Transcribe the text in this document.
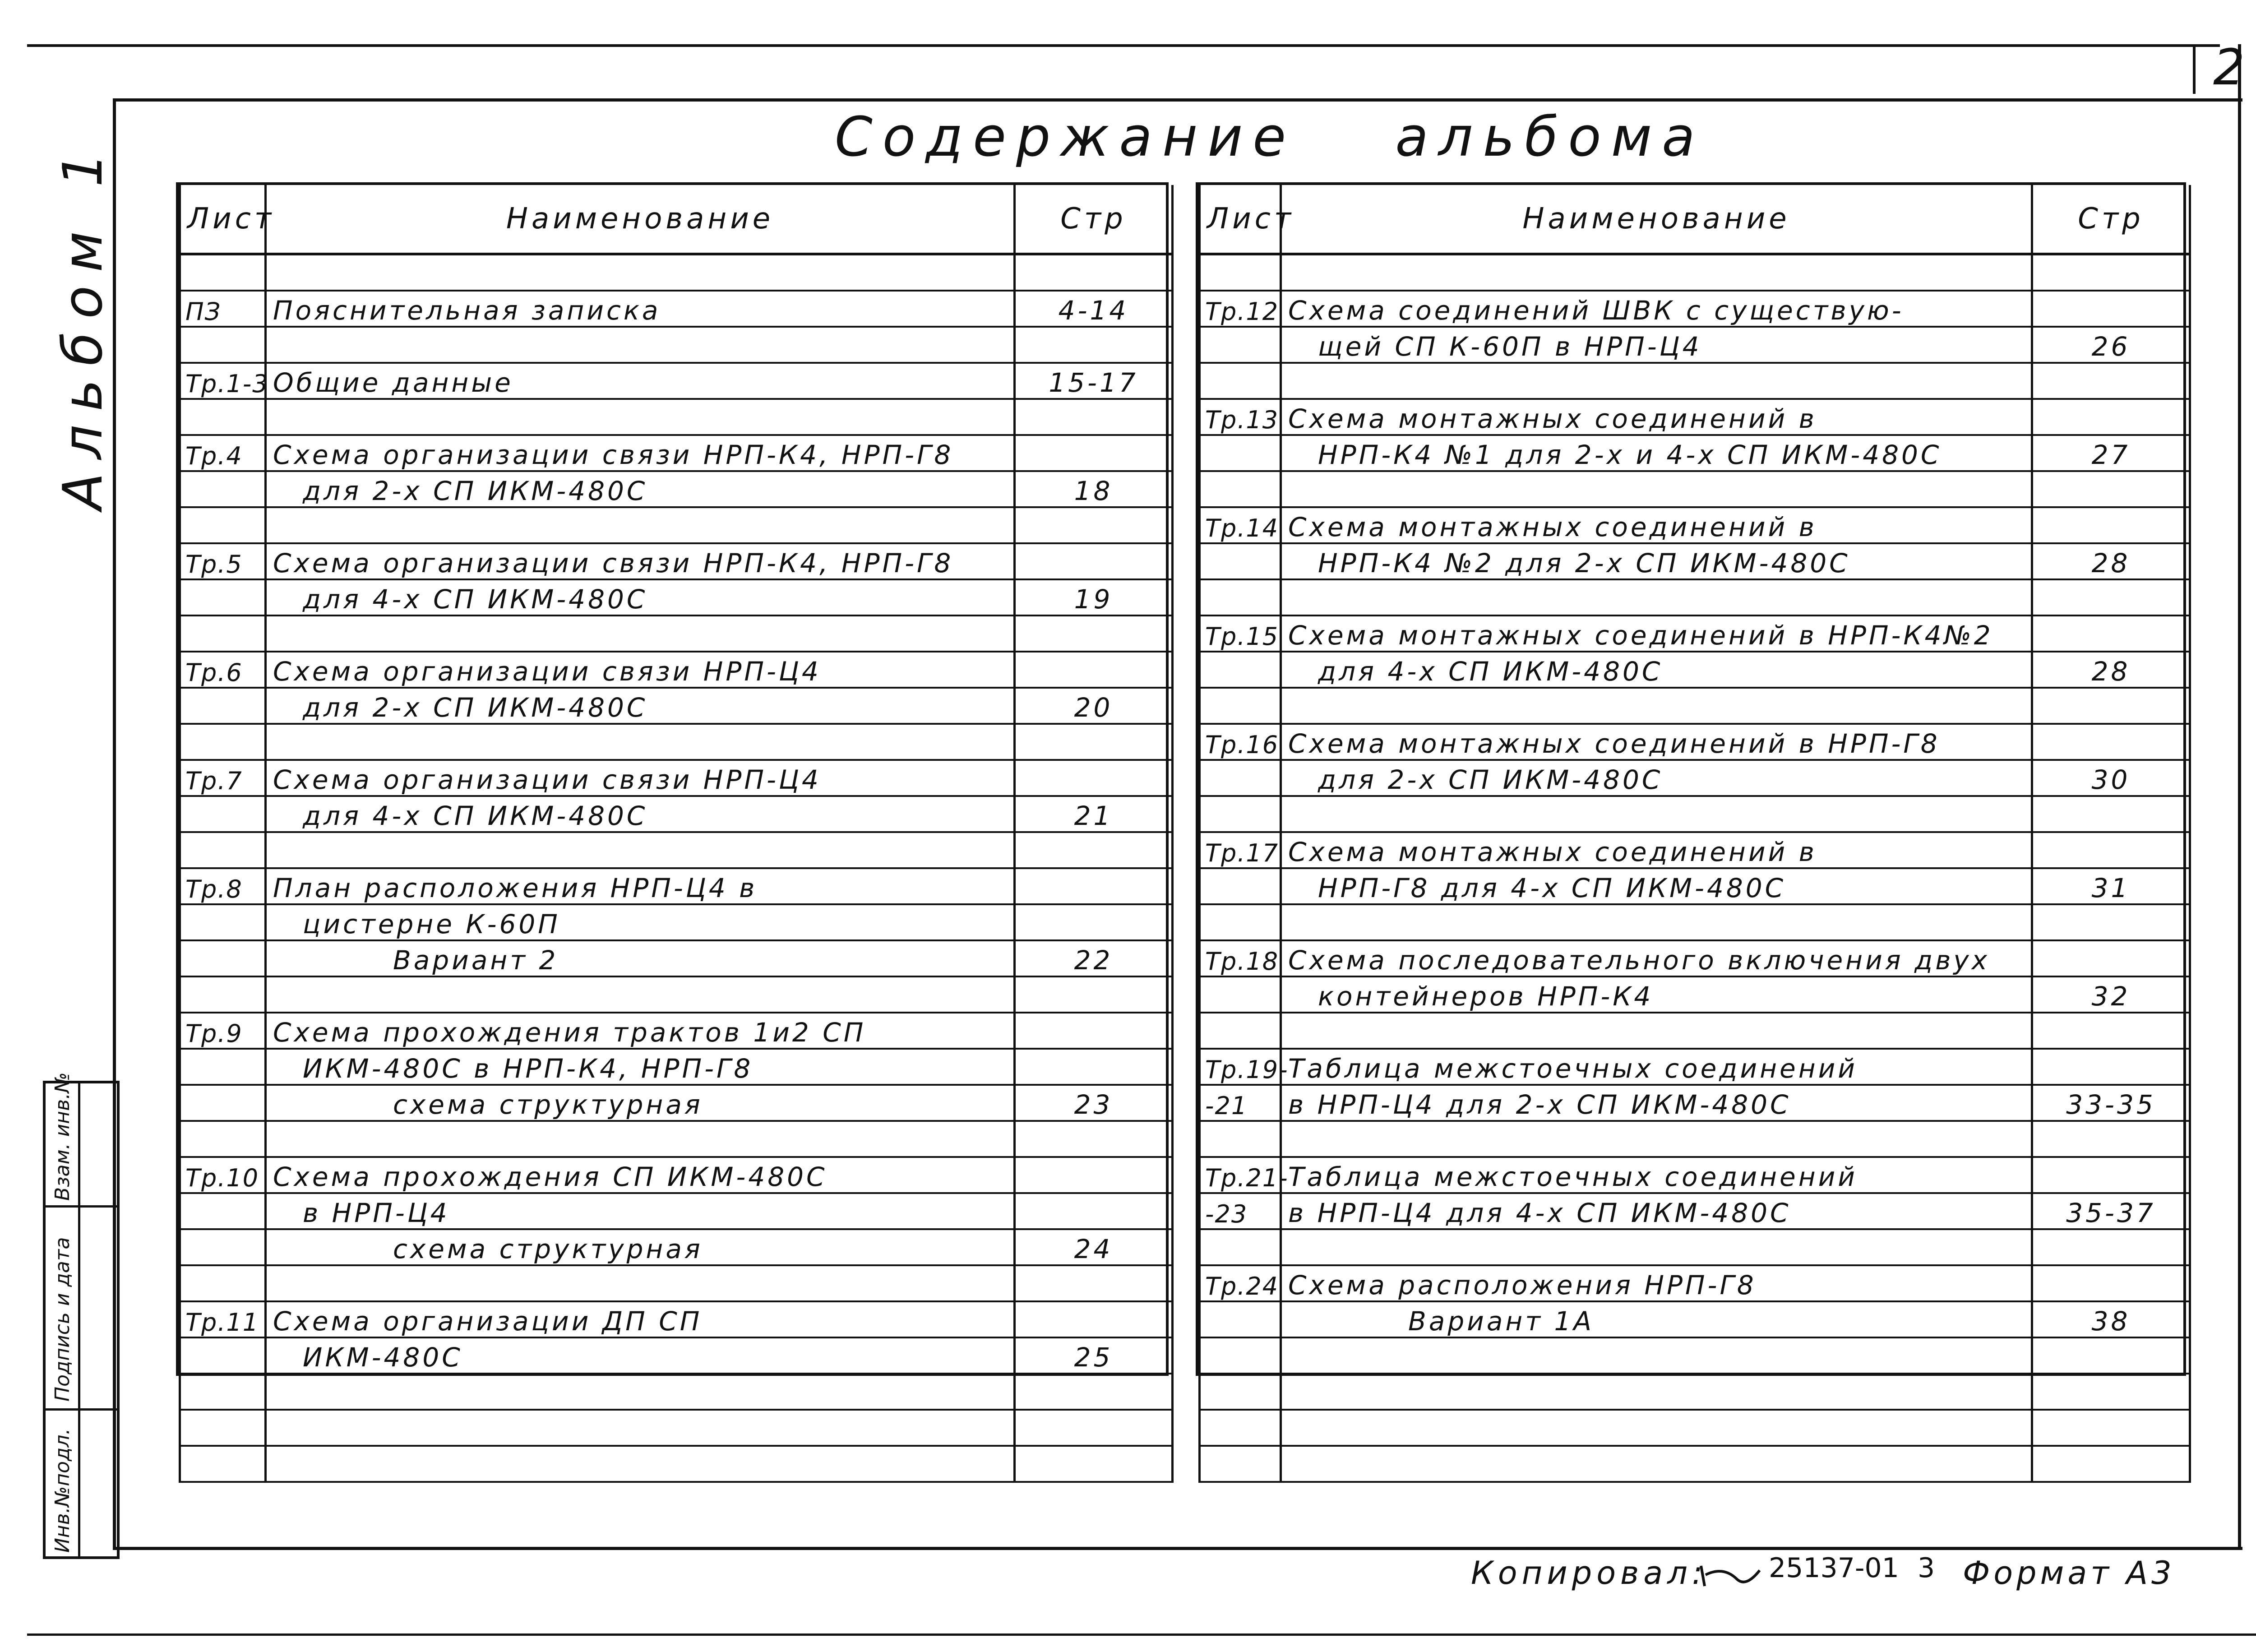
2
Альбом 1
Содержание альбома
Лист	Наименование	Стр

ПЗ	Пояснительная записка	4-14

Тр.1-3	Общие данные	15-17

Тр.4	Схема организации связи НРП-К4, НРП-Г8	
	для 2-х СП ИКМ-480С	18

Тр.5	Схема организации связи НРП-К4, НРП-Г8	
	для 4-х СП ИКМ-480С	19

Тр.6	Схема организации связи НРП-Ц4	
	для 2-х СП ИКМ-480С	20

Тр.7	Схема организации связи НРП-Ц4	
	для 4-х СП ИКМ-480С	21

Тр.8	План расположения НРП-Ц4 в	
	цистерне К-60П	
	Вариант 2	22

Тр.9	Схема прохождения трактов 1и2 СП	
	ИКМ-480С в НРП-К4, НРП-Г8	
	схема структурная	23

Тр.10	Схема прохождения СП ИКМ-480С	
	в НРП-Ц4	
	схема структурная	24

Тр.11	Схема организации ДП СП	
	ИКМ-480С	25

Лист	Наименование	Стр

Тр.12	Схема соединений ШВК с существую-	
	щей СП К-60П в НРП-Ц4	26

Тр.13	Схема монтажных соединений в	
	НРП-К4 №1 для 2-х и 4-х СП ИКМ-480С	27

Тр.14	Схема монтажных соединений в	
	НРП-К4 №2 для 2-х СП ИКМ-480С	28

Тр.15	Схема монтажных соединений в НРП-К4№2	
	для 4-х СП ИКМ-480С	28

Тр.16	Схема монтажных соединений в НРП-Г8	
	для 2-х СП ИКМ-480С	30

Тр.17	Схема монтажных соединений в	
	НРП-Г8 для 4-х СП ИКМ-480С	31

Тр.18	Схема последовательного включения двух	
	контейнеров НРП-К4	32

Тр.19-	Таблица межстоечных соединений	
-21	в НРП-Ц4 для 2-х СП ИКМ-480С	33-35

Тр.21-	Таблица межстоечных соединений	
-23	в НРП-Ц4 для 4-х СП ИКМ-480С	35-37

Тр.24	Схема расположения НРП-Г8	
	Вариант 1А	38

Взам. инв.№
Подпись и дата
Инв.№подл.
Копировал: 25137-01 3 Формат А3
